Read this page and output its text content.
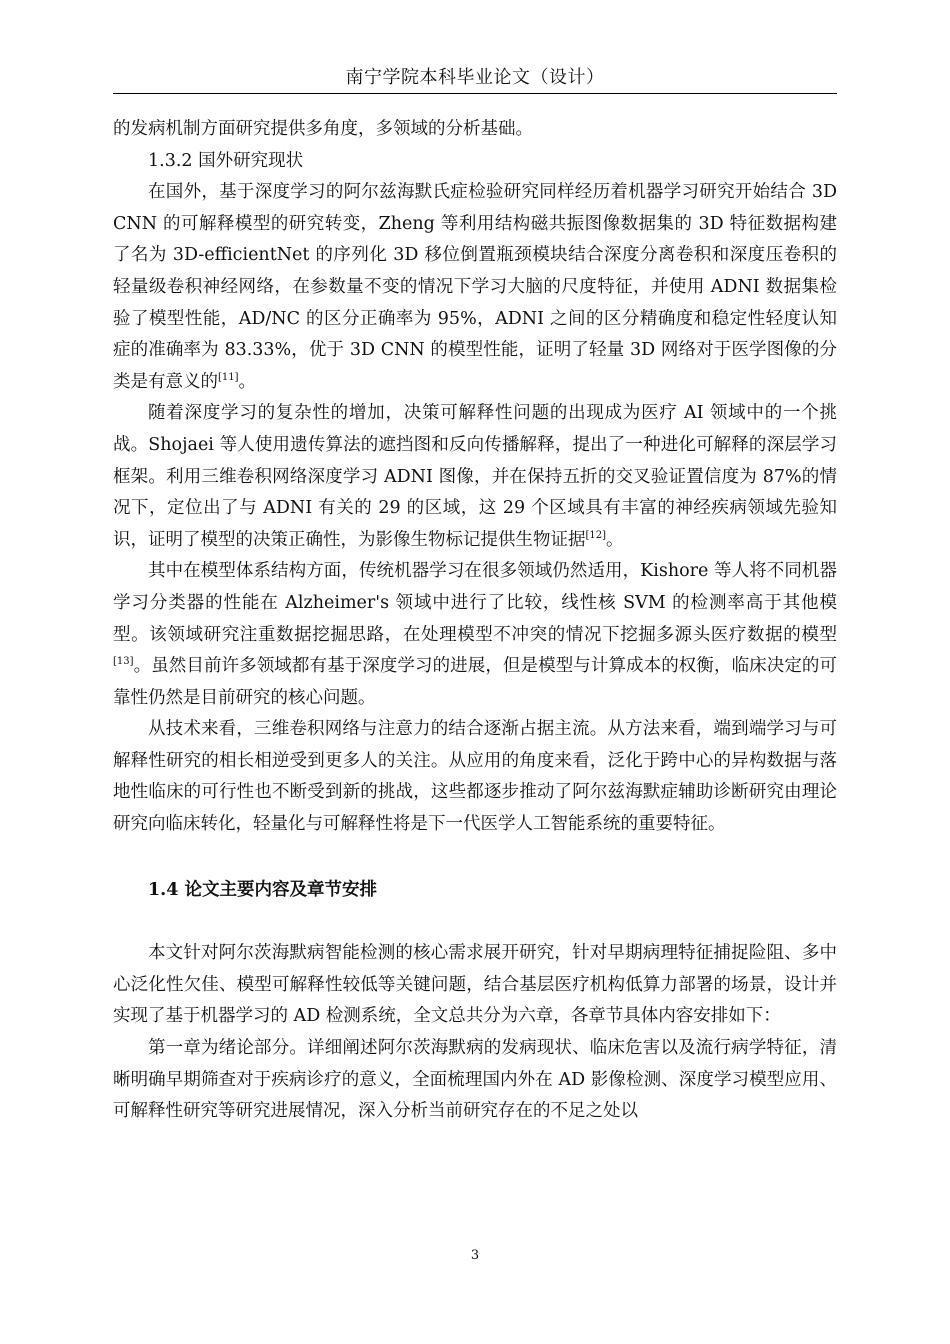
南宁学院本科毕业论文（设计）

的发病机制方面研究提供多角度，多领域的分析基础。

1.3.2 国外研究现状

在国外，基于深度学习的阿尔兹海默氏症检验研究同样经历着机器学习研究开始结合 3D CNN 的可解释模型的研究转变，Zheng 等利用结构磁共振图像数据集的 3D 特征数据构建了名为 3D-efficientNet 的序列化 3D 移位倒置瓶颈模块结合深度分离卷积和深度压卷积的轻量级卷积神经网络，在参数量不变的情况下学习大脑的尺度特征，并使用 ADNI 数据集检验了模型性能，AD/NC 的区分正确率为 95%，ADNI 之间的区分精确度和稳定性轻度认知症的准确率为 83.33%，优于 3D CNN 的模型性能，证明了轻量 3D 网络对于医学图像的分类是有意义的[11]。

随着深度学习的复杂性的增加，决策可解释性问题的出现成为医疗 AI 领域中的一个挑战。Shojaei 等人使用遗传算法的遮挡图和反向传播解释，提出了一种进化可解释的深层学习框架。利用三维卷积网络深度学习 ADNI 图像，并在保持五折的交叉验证置信度为 87%的情况下，定位出了与 ADNI 有关的 29 的区域，这 29 个区域具有丰富的神经疾病领域先验知识，证明了模型的决策正确性，为影像生物标记提供生物证据[12]。

其中在模型体系结构方面，传统机器学习在很多领域仍然适用，Kishore 等人将不同机器学习分类器的性能在 Alzheimer's 领域中进行了比较，线性核 SVM 的检测率高于其他模型。该领域研究注重数据挖掘思路，在处理模型不冲突的情况下挖掘多源头医疗数据的模型[13]。虽然目前许多领域都有基于深度学习的进展，但是模型与计算成本的权衡，临床决定的可靠性仍然是目前研究的核心问题。

从技术来看，三维卷积网络与注意力的结合逐渐占据主流。从方法来看，端到端学习与可解释性研究的相长相逆受到更多人的关注。从应用的角度来看，泛化于跨中心的异构数据与落地性临床的可行性也不断受到新的挑战，这些都逐步推动了阿尔兹海默症辅助诊断研究由理论研究向临床转化，轻量化与可解释性将是下一代医学人工智能系统的重要特征。

1.4 论文主要内容及章节安排

本文针对阿尔茨海默病智能检测的核心需求展开研究，针对早期病理特征捕捉险阻、多中心泛化性欠佳、模型可解释性较低等关键问题，结合基层医疗机构低算力部署的场景，设计并实现了基于机器学习的 AD 检测系统，全文总共分为六章，各章节具体内容安排如下：

第一章为绪论部分。详细阐述阿尔茨海默病的发病现状、临床危害以及流行病学特征，清晰明确早期筛查对于疾病诊疗的意义，全面梳理国内外在 AD 影像检测、深度学习模型应用、可解释性研究等研究进展情况，深入分析当前研究存在的不足之处以

3
